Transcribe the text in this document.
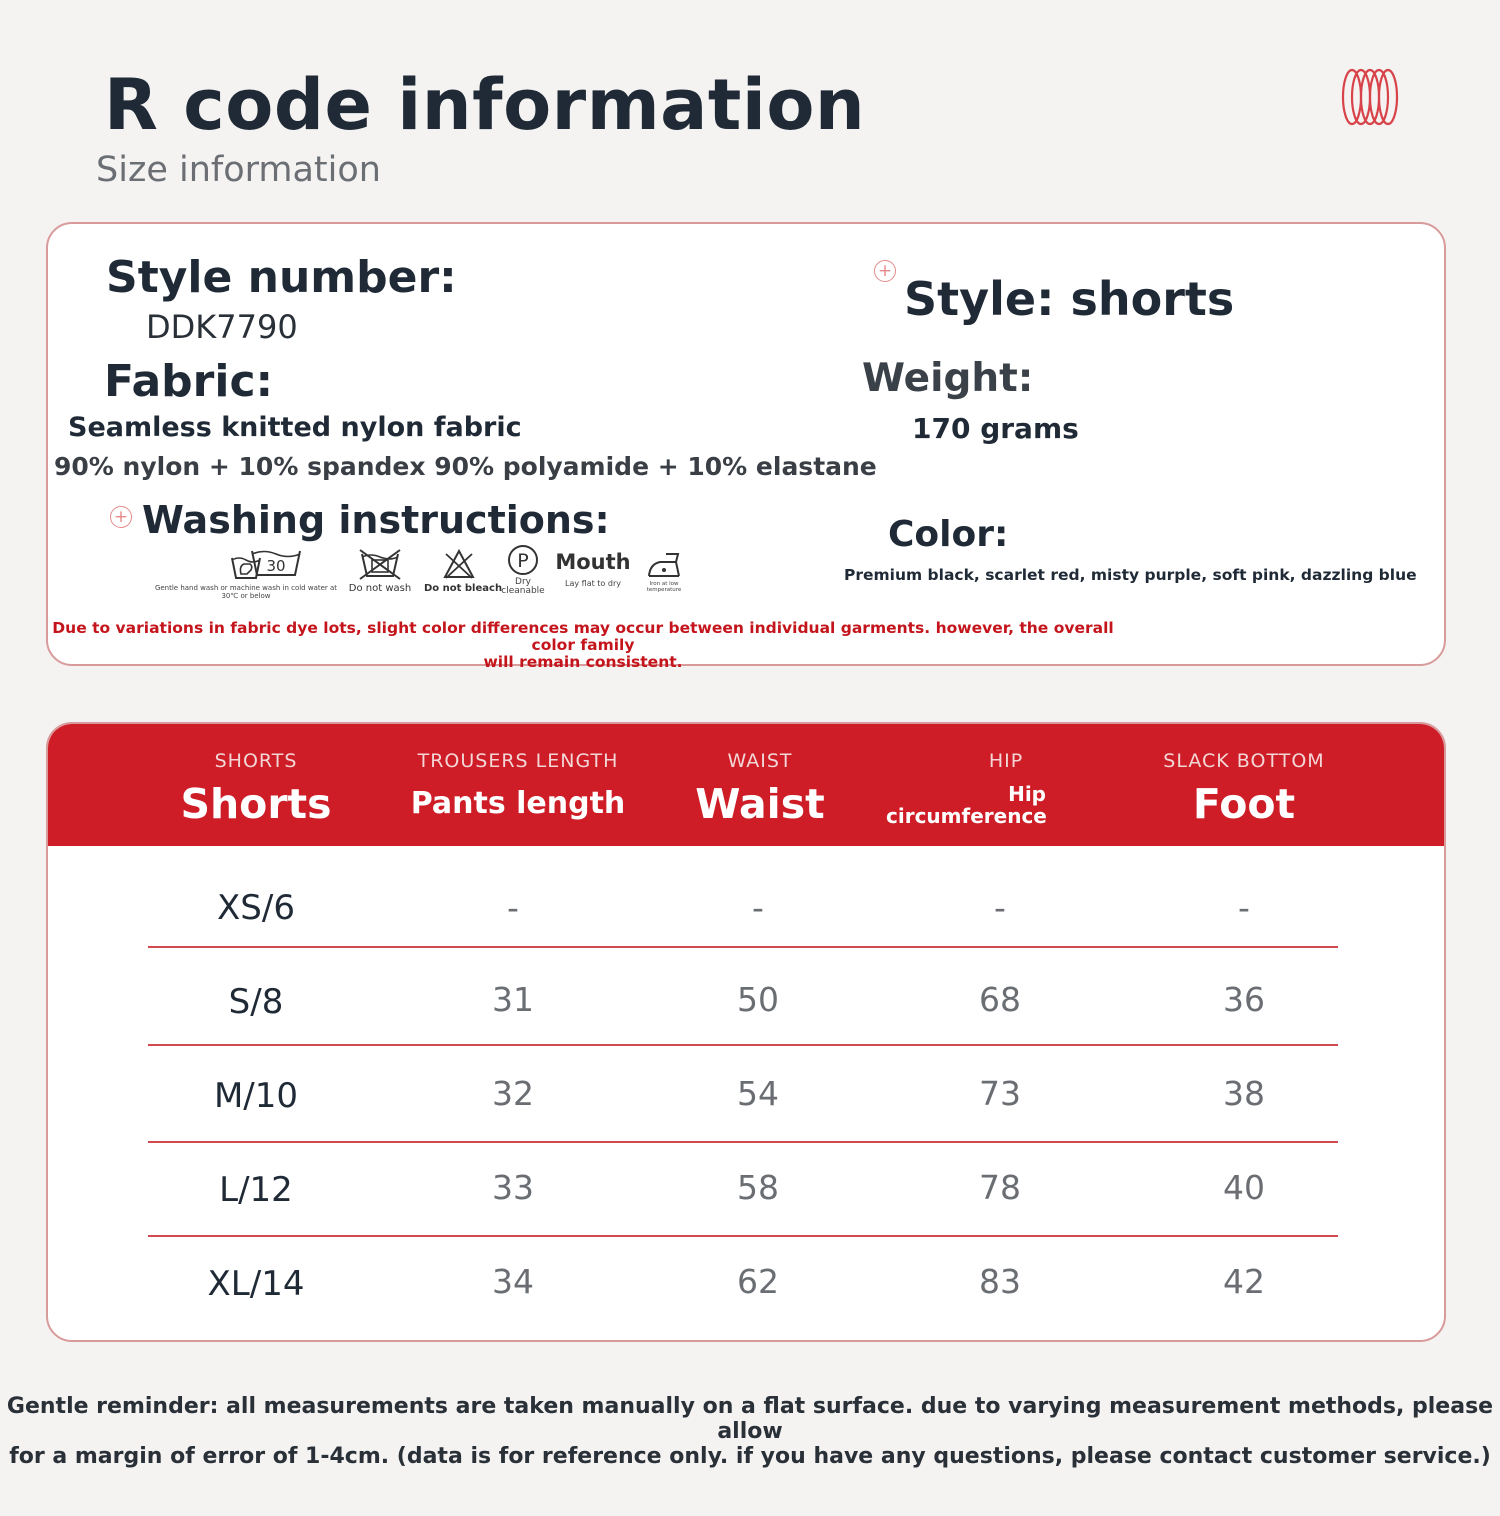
R code information
Size information
Style number:
DDK7790
Fabric:
Seamless knitted nylon fabric
90% nylon + 10% spandex 90% polyamide + 10% elastane
+ Washing instructions:
Gentle hand wash or machine wash in cold water at 30℃ or below
30
Do not wash	Do not bleach
P
Dry cleanable
Mouth
Lay flat to dry	Iron at low temperature
+
Style: shorts
Weight:
170 grams
Color:
Premium black, scarlet red, misty purple, soft pink, dazzling blue
Due to variations in fabric dye lots, slight color differences may occur between individual garments. however, the overall color family
will remain consistent.
SHORTS
Shorts
TROUSERS LENGTH
Pants length
WAIST
Waist
HIP
Hip
circumference
SLACK BOTTOM
Foot
XS/6	-	-	-	-
S/8	31	50	68	36
M/10	32	54	73	38
L/12	33	58	78	40
XL/14	34	62	83	42
Gentle reminder: all measurements are taken manually on a flat surface. due to varying measurement methods, please allow
for a margin of error of 1-4cm. (data is for reference only. if you have any questions, please contact customer service.)
